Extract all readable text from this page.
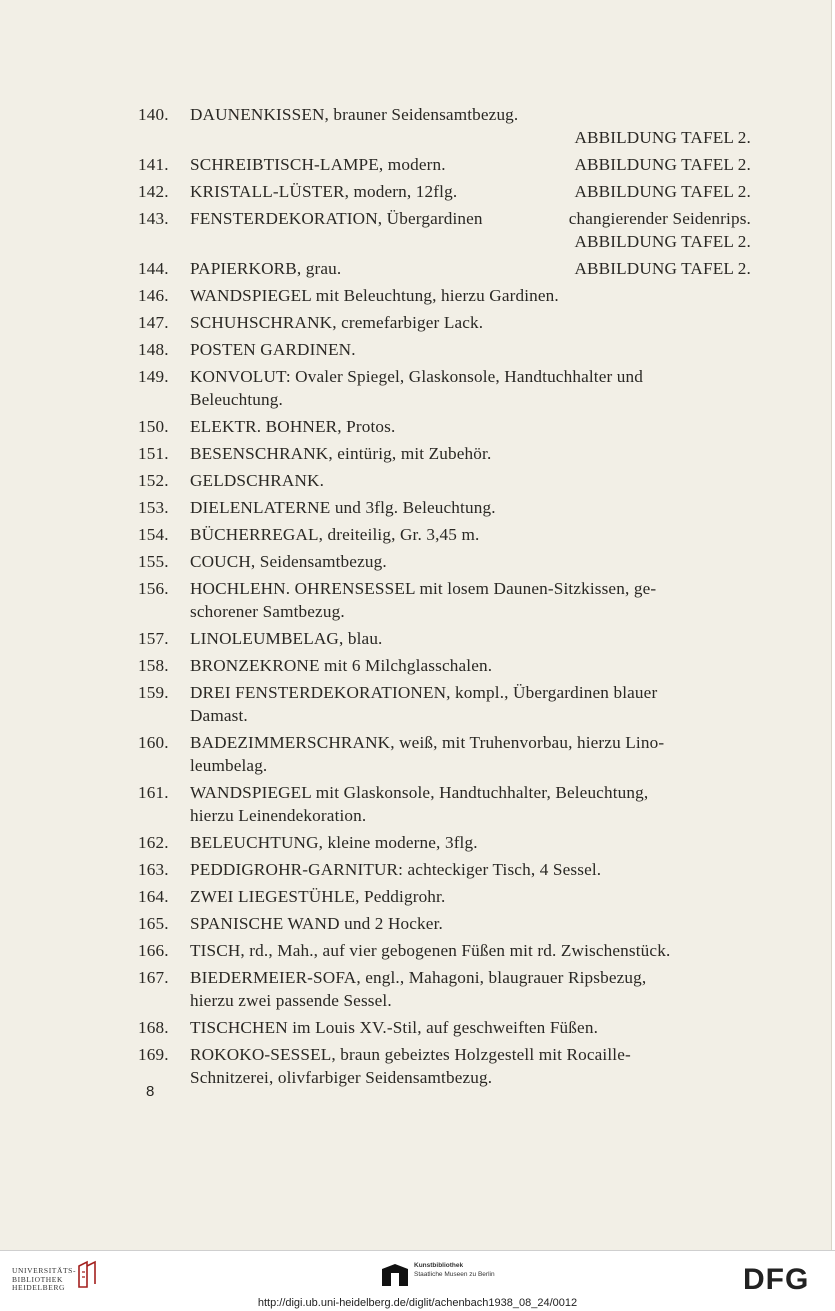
140.	DAUNENKISSEN, brauner Seidensamtbezug.
ABBILDUNG TAFEL 2.
141.	SCHREIBTISCH-LAMPE, modern.	ABBILDUNG TAFEL 2.
142.	KRISTALL-LÜSTER, modern, 12flg.	ABBILDUNG TAFEL 2.
143.	FENSTERDEKORATION, Übergardinen	changierender Seidenrips.
ABBILDUNG TAFEL 2.
144.	PAPIERKORB, grau.	ABBILDUNG TAFEL 2.
146.	WANDSPIEGEL mit Beleuchtung, hierzu Gardinen.
147.	SCHUHSCHRANK, cremefarbiger Lack.
148.	POSTEN GARDINEN.
149.	KONVOLUT: Ovaler Spiegel, Glaskonsole, Handtuchhalter und
Beleuchtung.
150.	ELEKTR. BOHNER, Protos.
151.	BESENSCHRANK, eintürig, mit Zubehör.
152.	GELDSCHRANK.
153.	DIELENLATERNE und 3flg. Beleuchtung.
154.	BÜCHERREGAL, dreiteilig, Gr. 3,45 m.
155.	COUCH, Seidensamtbezug.
156.	HOCHLEHN. OHRENSESSEL mit losem Daunen-Sitzkissen, ge-
schorener Samtbezug.
157.	LINOLEUMBELAG, blau.
158.	BRONZEKRONE mit 6 Milchglasschalen.
159.	DREI FENSTERDEKORATIONEN, kompl., Übergardinen blauer
Damast.
160.	BADEZIMMERSCHRANK, weiß, mit Truhenvorbau, hierzu Lino-
leumbelag.
161.	WANDSPIEGEL mit Glaskonsole, Handtuchhalter, Beleuchtung,
hierzu Leinendekoration.
162.	BELEUCHTUNG, kleine moderne, 3flg.
163.	PEDDIGROHR-GARNITUR: achteckiger Tisch, 4 Sessel.
164.	ZWEI LIEGESTÜHLE, Peddigrohr.
165.	SPANISCHE WAND und 2 Hocker.
166.	TISCH, rd., Mah., auf vier gebogenen Füßen mit rd. Zwischenstück.
167.	BIEDERMEIER-SOFA, engl., Mahagoni, blaugrauer Ripsbezug,
hierzu zwei passende Sessel.
168.	TISCHCHEN im Louis XV.-Stil, auf geschweiften Füßen.
169.	ROKOKO-SESSEL, braun gebeiztes Holzgestell mit Rocaille-
Schnitzerei, olivfarbiger Seidensamtbezug.
8
UNIVERSITÄTS-
BIBLIOTHEK
HEIDELBERG
Kunstbibliothek
Staatliche Museen zu Berlin	DFG
http://digi.ub.uni-heidelberg.de/diglit/achenbach1938_08_24/0012
